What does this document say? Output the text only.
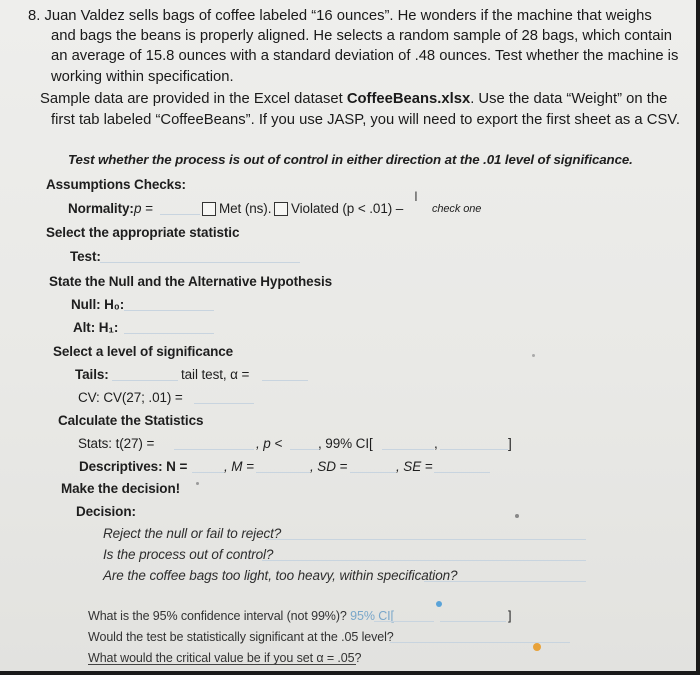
8. Juan Valdez sells bags of coffee labeled “16 ounces”. He wonders if the machine that weighs
and bags the beans is properly aligned. He selects a random sample of 28 bags, which contain
an average of 15.8 ounces with a standard deviation of .48 ounces. Test whether the machine is
working within specification.
Sample data are provided in the Excel dataset CoffeeBeans.xlsx. Use the data “Weight” on the
first tab labeled “CoffeeBeans”. If you use JASP, you will need to export the first sheet as a CSV.
Test whether the process is out of control in either direction at the .01 level of significance.
Assumptions Checks:
Normality: p =	Met (ns). Violated (p < .01) –	check one
I
Select the appropriate statistic
Test:
State the Null and the Alternative Hypothesis
Null: H₀:
Alt: H₁:
Select a level of significance
Tails:	tail test, α =
CV: CV(27; .01) =
Calculate the Statistics
Stats: t(27) =	, p <	, 99% CI[	,	]
Descriptives: N =	, M =	, SD =	, SE =
Make the decision!
Decision:
Reject the null or fail to reject?
Is the process out of control?
Are the coffee bags too light, too heavy, within specification?
What is the 95% confidence interval (not 99%)? 95% CI[	]
Would the test be statistically significant at the .05 level?
What would the critical value be if you set α = .05?
